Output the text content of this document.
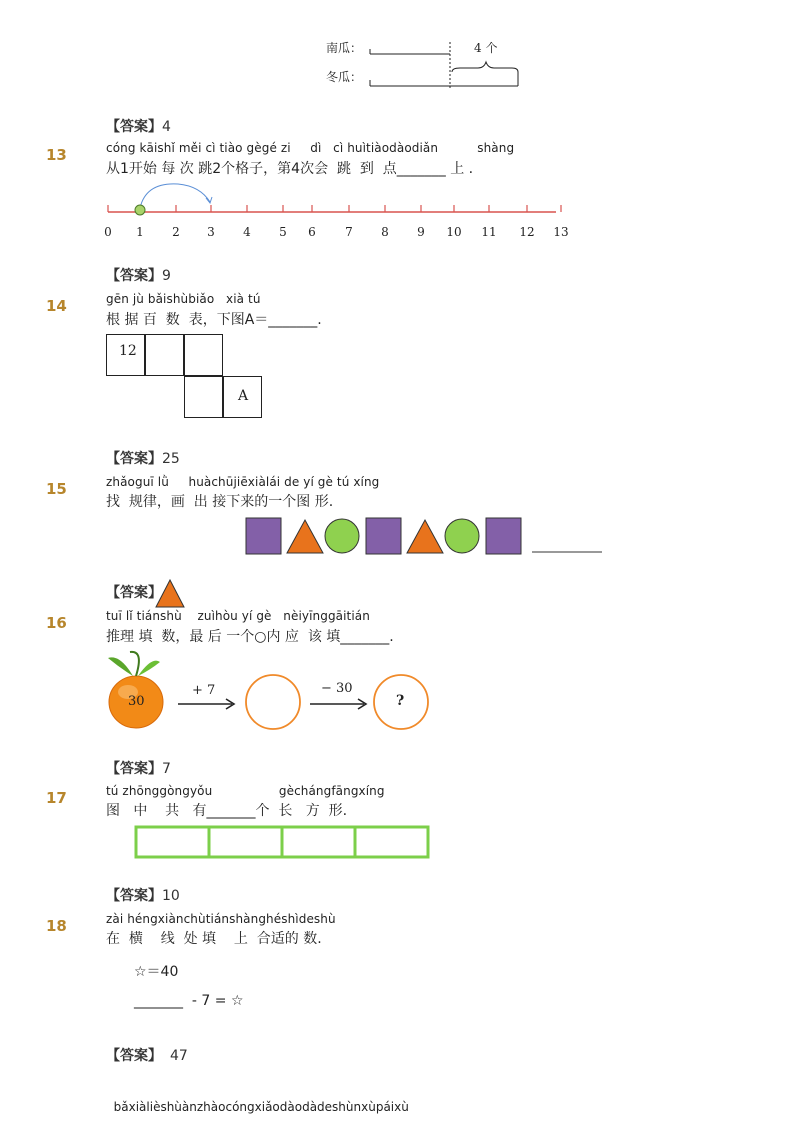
南瓜：
冬瓜：
4 个
【答案】4
13	cóng kāishǐ měi cì tiào gègé zi     dì   cì huìtiàodàodiǎn          shàng
从1开始 每 次 跳2个格子，第4次会  跳  到  点_______ 上 .
0 1 2 3 4 5 6 7 8 9 10 11 12 13
【答案】9
14	gēn jù bǎishùbiǎo   xià tú
根 据 百  数  表，下图A＝_______.
12
A
【答案】25
15	zhǎoguī lǜ     huàchūjiēxiàlái de yí gè tú xíng
找  规律，画  出 接下来的一个图 形.
【答案】
16	tuī lǐ tiánshù    zuìhòu yí gè   nèiyīnggāitián
推理 填  数，最 后 一个○内 应  该 填_______.
30
+ 7	− 30
?
【答案】7
17	tú zhōnggòngyǒu                 gèchángfāngxíng
图   中    共   有_______个  长   方  形.
【答案】10
18	zài héngxiànchùtiánshànghéshìdeshù
在  横    线  处 填    上  合适的 数.
☆＝40
_______  - 7 = ☆
【答案】 47

bǎxiàlièshùànzhàocóngxiǎodàodàdeshùnxùpáixù
